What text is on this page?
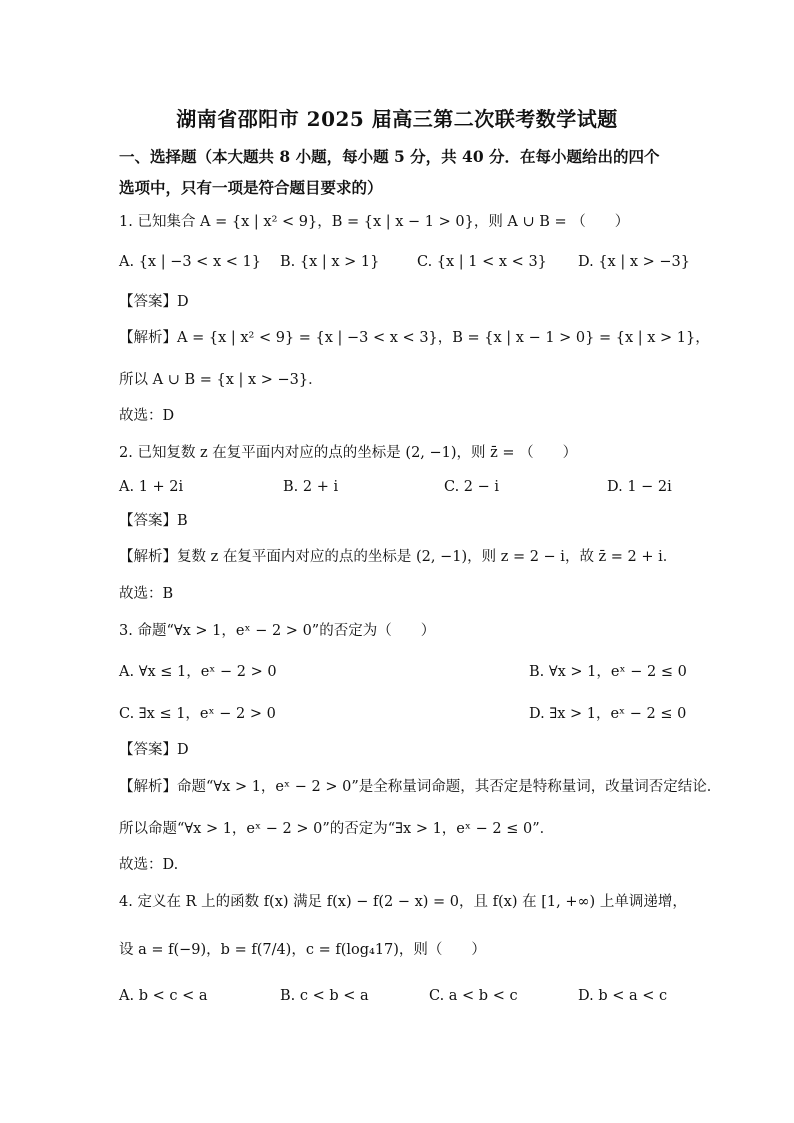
湖南省邵阳市 2025 届高三第二次联考数学试题
一、选择题（本大题共 8 小题，每小题 5 分，共 40 分．在每小题给出的四个
选项中，只有一项是符合题目要求的）
1. 已知集合 A = {x | x² < 9}，B = {x | x − 1 > 0}，则 A ∪ B = （　　）
A. {x | −3 < x < 1} B. {x | x > 1}	C. {x | 1 < x < 3} D. {x | x > −3}
【答案】D
【解析】A = {x | x² < 9} = {x | −3 < x < 3}，B = {x | x − 1 > 0} = {x | x > 1}，
所以 A ∪ B = {x | x > −3}．
故选：D
2. 已知复数 z 在复平面内对应的点的坐标是 (2, −1)，则 z̄ = （　　）
A. 1 + 2i	B. 2 + i	C. 2 − i	D. 1 − 2i
【答案】B
【解析】复数 z 在复平面内对应的点的坐标是 (2, −1)，则 z = 2 − i，故 z̄ = 2 + i．
故选：B
3. 命题“∀x > 1，eˣ − 2 > 0”的否定为（　　）
A. ∀x ≤ 1，eˣ − 2 > 0	B. ∀x > 1，eˣ − 2 ≤ 0
C. ∃x ≤ 1，eˣ − 2 > 0	D. ∃x > 1，eˣ − 2 ≤ 0
【答案】D
【解析】命题“∀x > 1，eˣ − 2 > 0”是全称量词命题，其否定是特称量词，改量词否定结论．
所以命题“∀x > 1，eˣ − 2 > 0”的否定为“∃x > 1，eˣ − 2 ≤ 0”．
故选：D.
4. 定义在 R 上的函数 f(x) 满足 f(x) − f(2 − x) = 0，且 f(x) 在 [1, +∞) 上单调递增，
设 a = f(−9)，b = f(7/4)，c = f(log₄17)，则（　　）
A. b < c < a	B. c < b < a	C. a < b < c	D. b < a < c
